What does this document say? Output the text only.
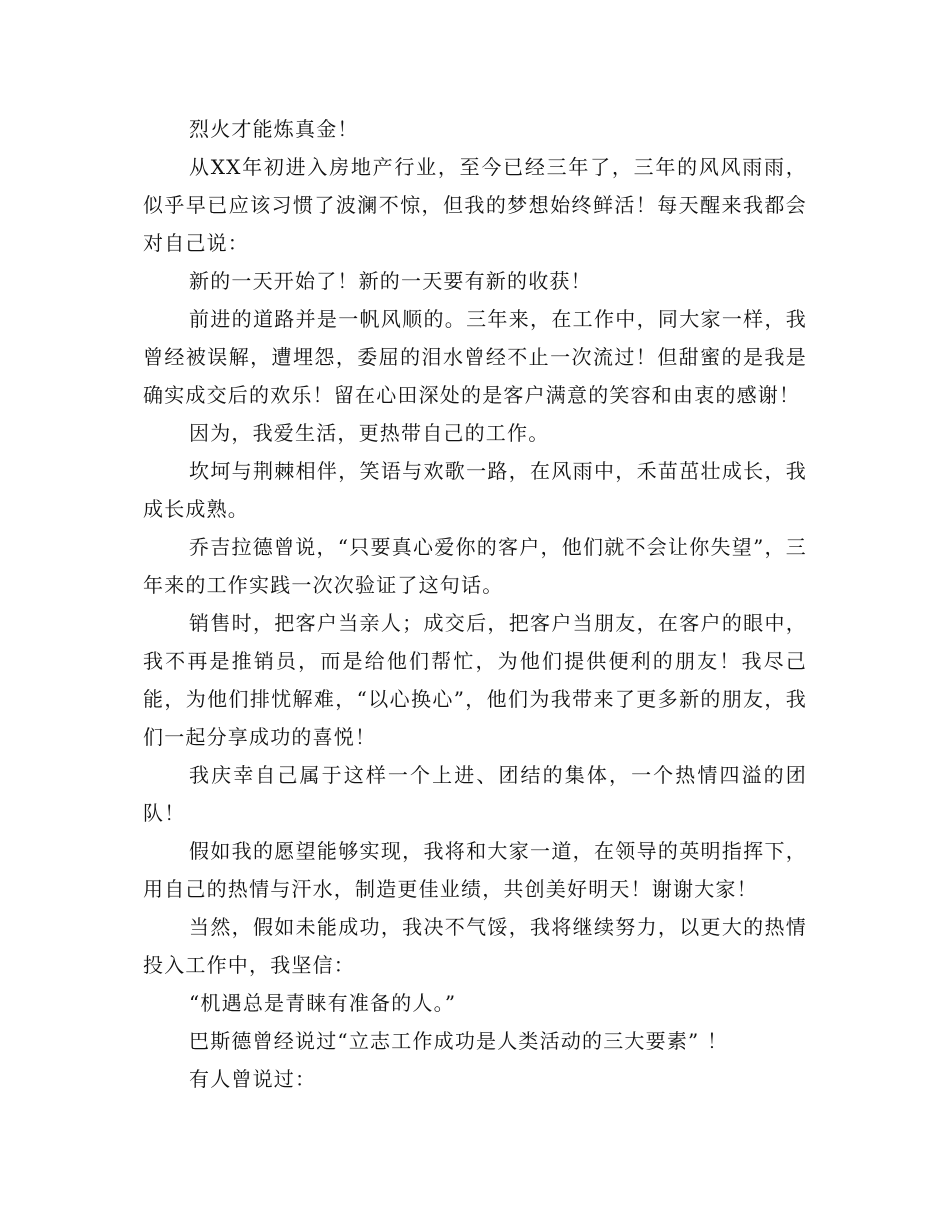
烈火才能炼真金！

从XX年初进入房地产行业，至今已经三年了，三年的风风雨雨，似乎早已应该习惯了波澜不惊，但我的梦想始终鲜活！每天醒来我都会对自己说：

新的一天开始了！新的一天要有新的收获！

前进的道路并是一帆风顺的。三年来，在工作中，同大家一样，我曾经被误解，遭埋怨，委屈的泪水曾经不止一次流过！但甜蜜的是我是确实成交后的欢乐！留在心田深处的是客户满意的笑容和由衷的感谢！

因为，我爱生活，更热带自己的工作。

坎坷与荆棘相伴，笑语与欢歌一路，在风雨中，禾苗茁壮成长，我成长成熟。

乔吉拉德曾说，“只要真心爱你的客户，他们就不会让你失望”，三年来的工作实践一次次验证了这句话。

销售时，把客户当亲人；成交后，把客户当朋友，在客户的眼中，我不再是推销员，而是给他们帮忙，为他们提供便利的朋友！我尽己能，为他们排忧解难，“以心换心”，他们为我带来了更多新的朋友，我们一起分享成功的喜悦！

我庆幸自己属于这样一个上进、团结的集体，一个热情四溢的团队！

假如我的愿望能够实现，我将和大家一道，在领导的英明指挥下，用自己的热情与汗水，制造更佳业绩，共创美好明天！谢谢大家！

当然，假如未能成功，我决不气馁，我将继续努力，以更大的热情投入工作中，我坚信：

“机遇总是青睐有准备的人。”

巴斯德曾经说过“立志工作成功是人类活动的三大要素” ！

有人曾说过：
